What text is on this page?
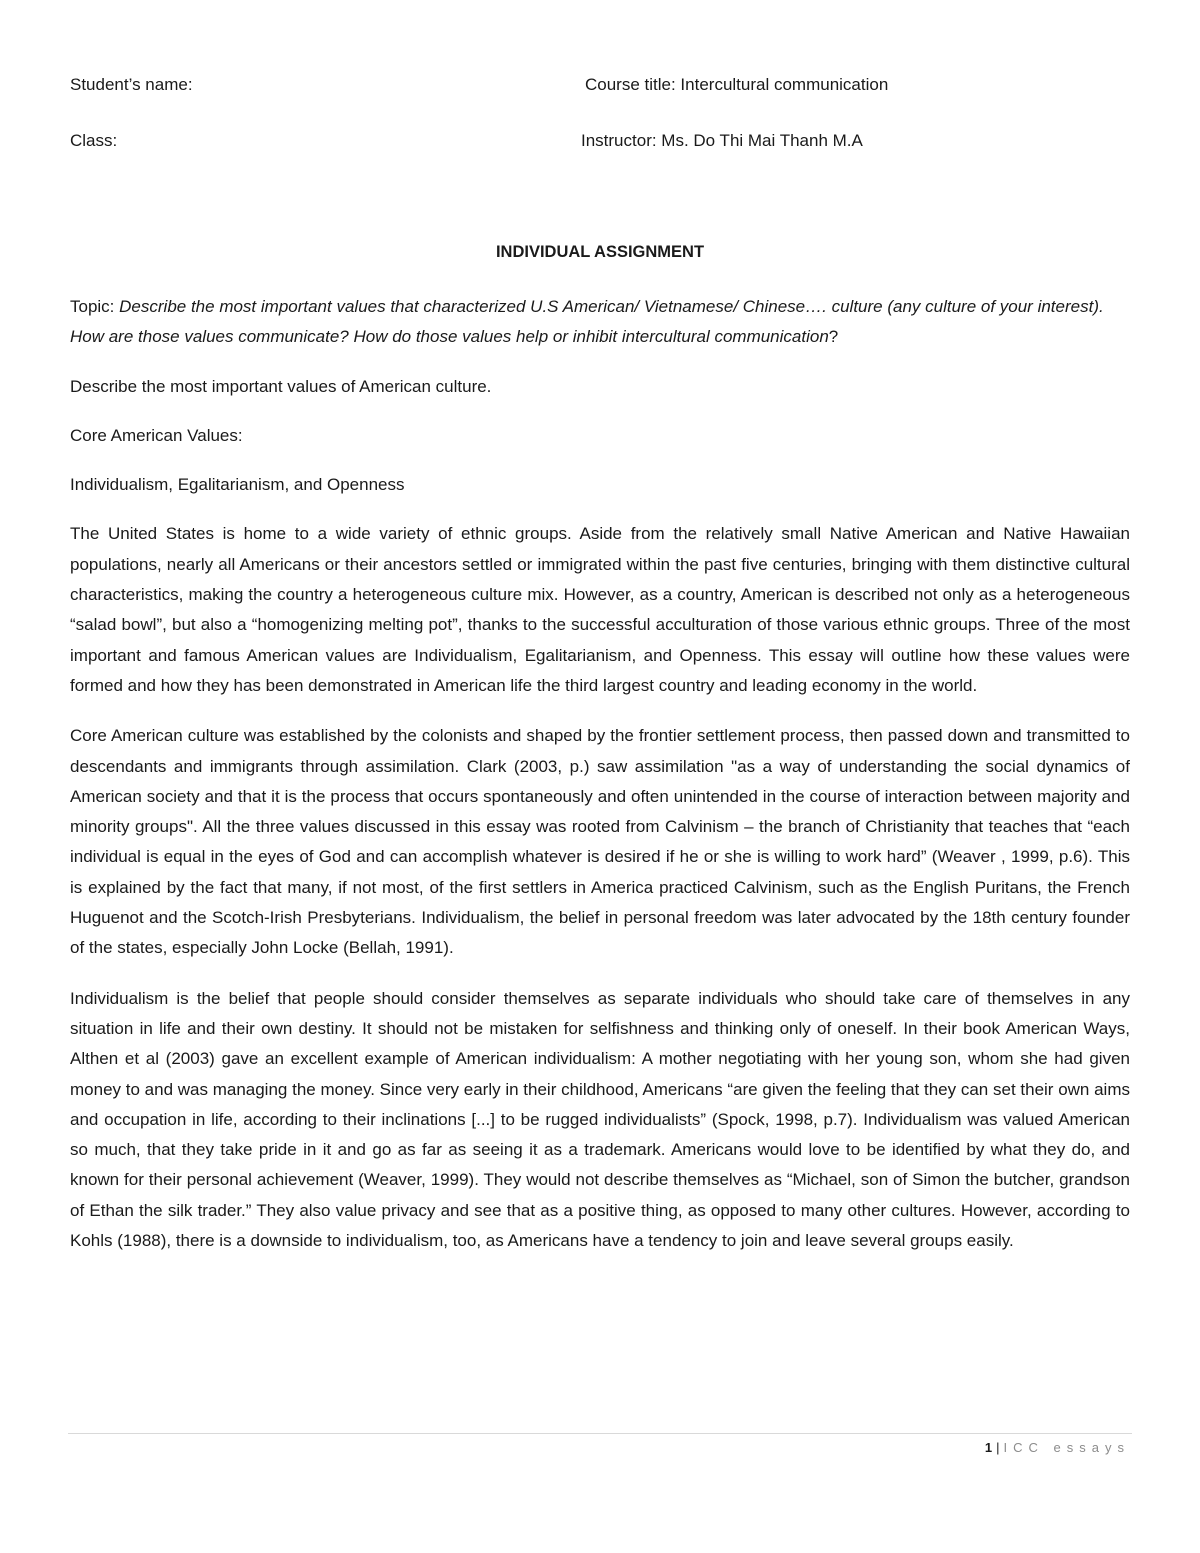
Student’s name:	Course title: Intercultural communication
Class:	Instructor: Ms. Do Thi Mai Thanh M.A
INDIVIDUAL ASSIGNMENT

Topic: Describe the most important values that characterized U.S American/ Vietnamese/ Chinese…. culture (any culture of your interest). How are those values communicate? How do those values help or inhibit intercultural communication?

Describe the most important values of American culture.

Core American Values:

Individualism, Egalitarianism, and Openness

The United States is home to a wide variety of ethnic groups. Aside from the relatively small Native American and Native Hawaiian populations, nearly all Americans or their ancestors settled or immigrated within the past five centuries, bringing with them distinctive cultural characteristics, making the country a heterogeneous culture mix. However, as a country, American is described not only as a heterogeneous “salad bowl”, but also a “homogenizing melting pot”, thanks to the successful acculturation of those various ethnic groups. Three of the most important and famous American values are Individualism, Egalitarianism, and Openness. This essay will outline how these values were formed and how they has been demonstrated in American life the third largest country and leading economy in the world.

Core American culture was established by the colonists and shaped by the frontier settlement process, then passed down and transmitted to descendants and immigrants through assimilation. Clark (2003, p.) saw assimilation "as a way of understanding the social dynamics of American society and that it is the process that occurs spontaneously and often unintended in the course of interaction between majority and minority groups". All the three values discussed in this essay was rooted from Calvinism – the branch of Christianity that teaches that “each individual is equal in the eyes of God and can accomplish whatever is desired if he or she is willing to work hard” (Weaver , 1999, p.6). This is explained by the fact that many, if not most, of the first settlers in America practiced Calvinism, such as the English Puritans, the French Huguenot and the Scotch-Irish Presbyterians. Individualism, the belief in personal freedom was later advocated by the 18th century founder of the states, especially John Locke (Bellah, 1991).

Individualism is the belief that people should consider themselves as separate individuals who should take care of themselves in any situation in life and their own destiny. It should not be mistaken for selfishness and thinking only of oneself. In their book American Ways, Althen et al (2003) gave an excellent example of American individualism: A mother negotiating with her young son, whom she had given money to and was managing the money. Since very early in their childhood, Americans “are given the feeling that they can set their own aims and occupation in life, according to their inclinations [...] to be rugged individualists” (Spock, 1998, p.7). Individualism was valued American so much, that they take pride in it and go as far as seeing it as a trademark. Americans would love to be identified by what they do, and known for their personal achievement (Weaver, 1999). They would not describe themselves as “Michael, son of Simon the butcher, grandson of Ethan the silk trader.” They also value privacy and see that as a positive thing, as opposed to many other cultures. However, according to Kohls (1988), there is a downside to individualism, too, as Americans have a tendency to join and leave several groups easily.

1 | ICC essays
